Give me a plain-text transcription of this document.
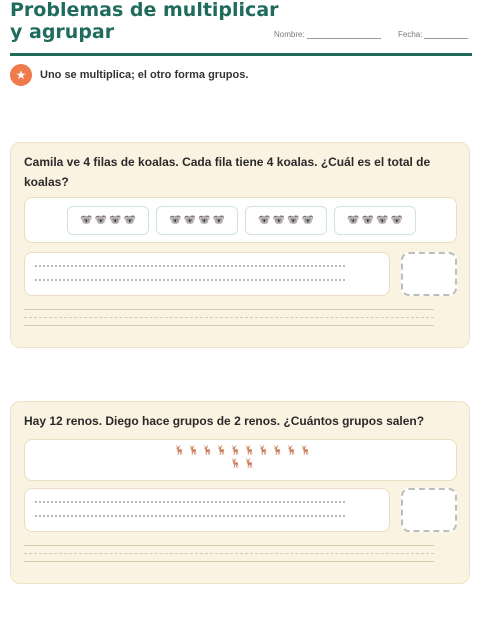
Problemas de multiplicar y agrupar	Nombre:	Fecha:
★	Uno se multiplica; el otro forma grupos.
Camila ve 4 filas de koalas. Cada fila tiene 4 koalas. ¿Cuál es el total de koalas?
🐨 🐨 🐨 🐨	🐨 🐨 🐨 🐨	🐨 🐨 🐨 🐨	🐨 🐨 🐨 🐨
Hay 12 renos. Diego hace grupos de 2 renos. ¿Cuántos grupos salen?
🦌 🦌 🦌 🦌 🦌 🦌 🦌 🦌 🦌 🦌
🦌 🦌
